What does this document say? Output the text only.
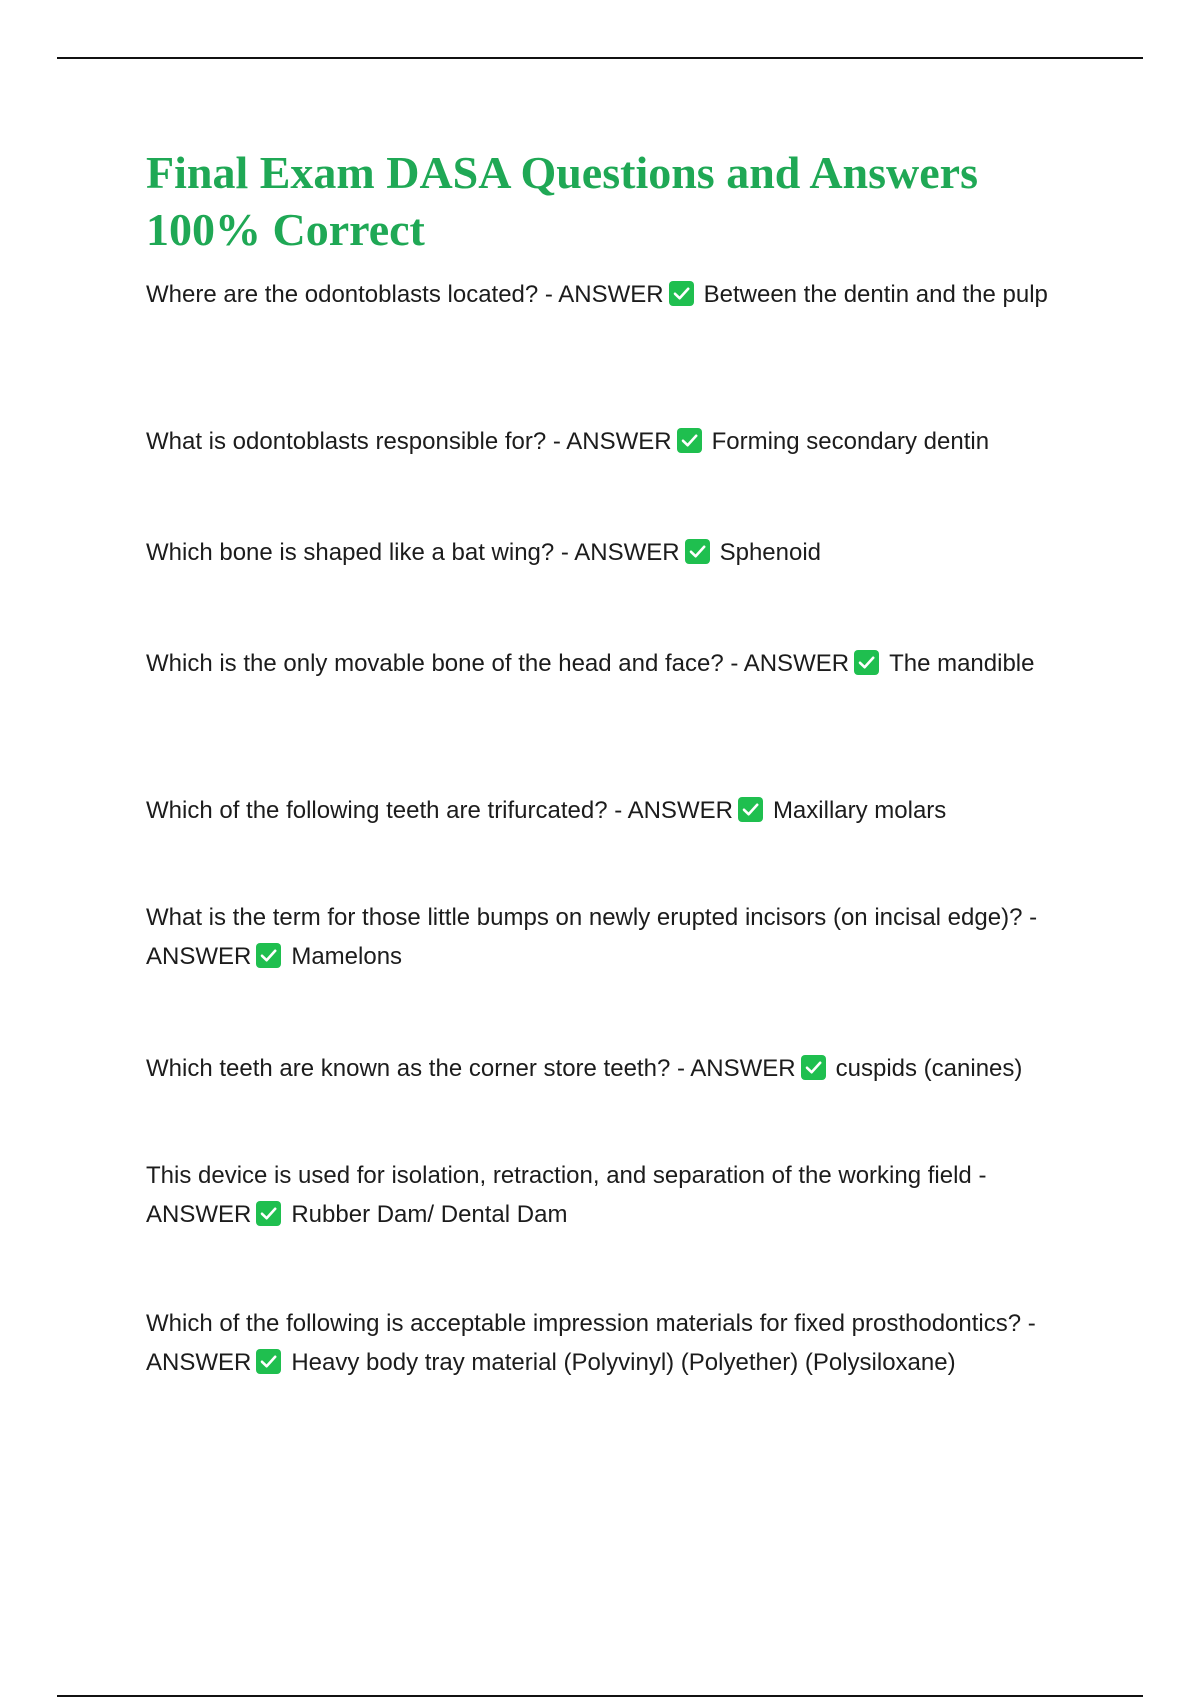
Final Exam DASA Questions and Answers
100% Correct

Where are the odontoblasts located? - ANSWER Between the dentin and the pulp

What is odontoblasts responsible for? - ANSWER Forming secondary dentin

Which bone is shaped like a bat wing? - ANSWER Sphenoid

Which is the only movable bone of the head and face? - ANSWER The mandible

Which of the following teeth are trifurcated? - ANSWER Maxillary molars

What is the term for those little bumps on newly erupted incisors (on incisal edge)? - ANSWER Mamelons

Which teeth are known as the corner store teeth? - ANSWER cuspids (canines)

This device is used for isolation, retraction, and separation of the working field - ANSWER Rubber Dam/ Dental Dam

Which of the following is acceptable impression materials for fixed prosthodontics? - ANSWER Heavy body tray material (Polyvinyl) (Polyether) (Polysiloxane)
